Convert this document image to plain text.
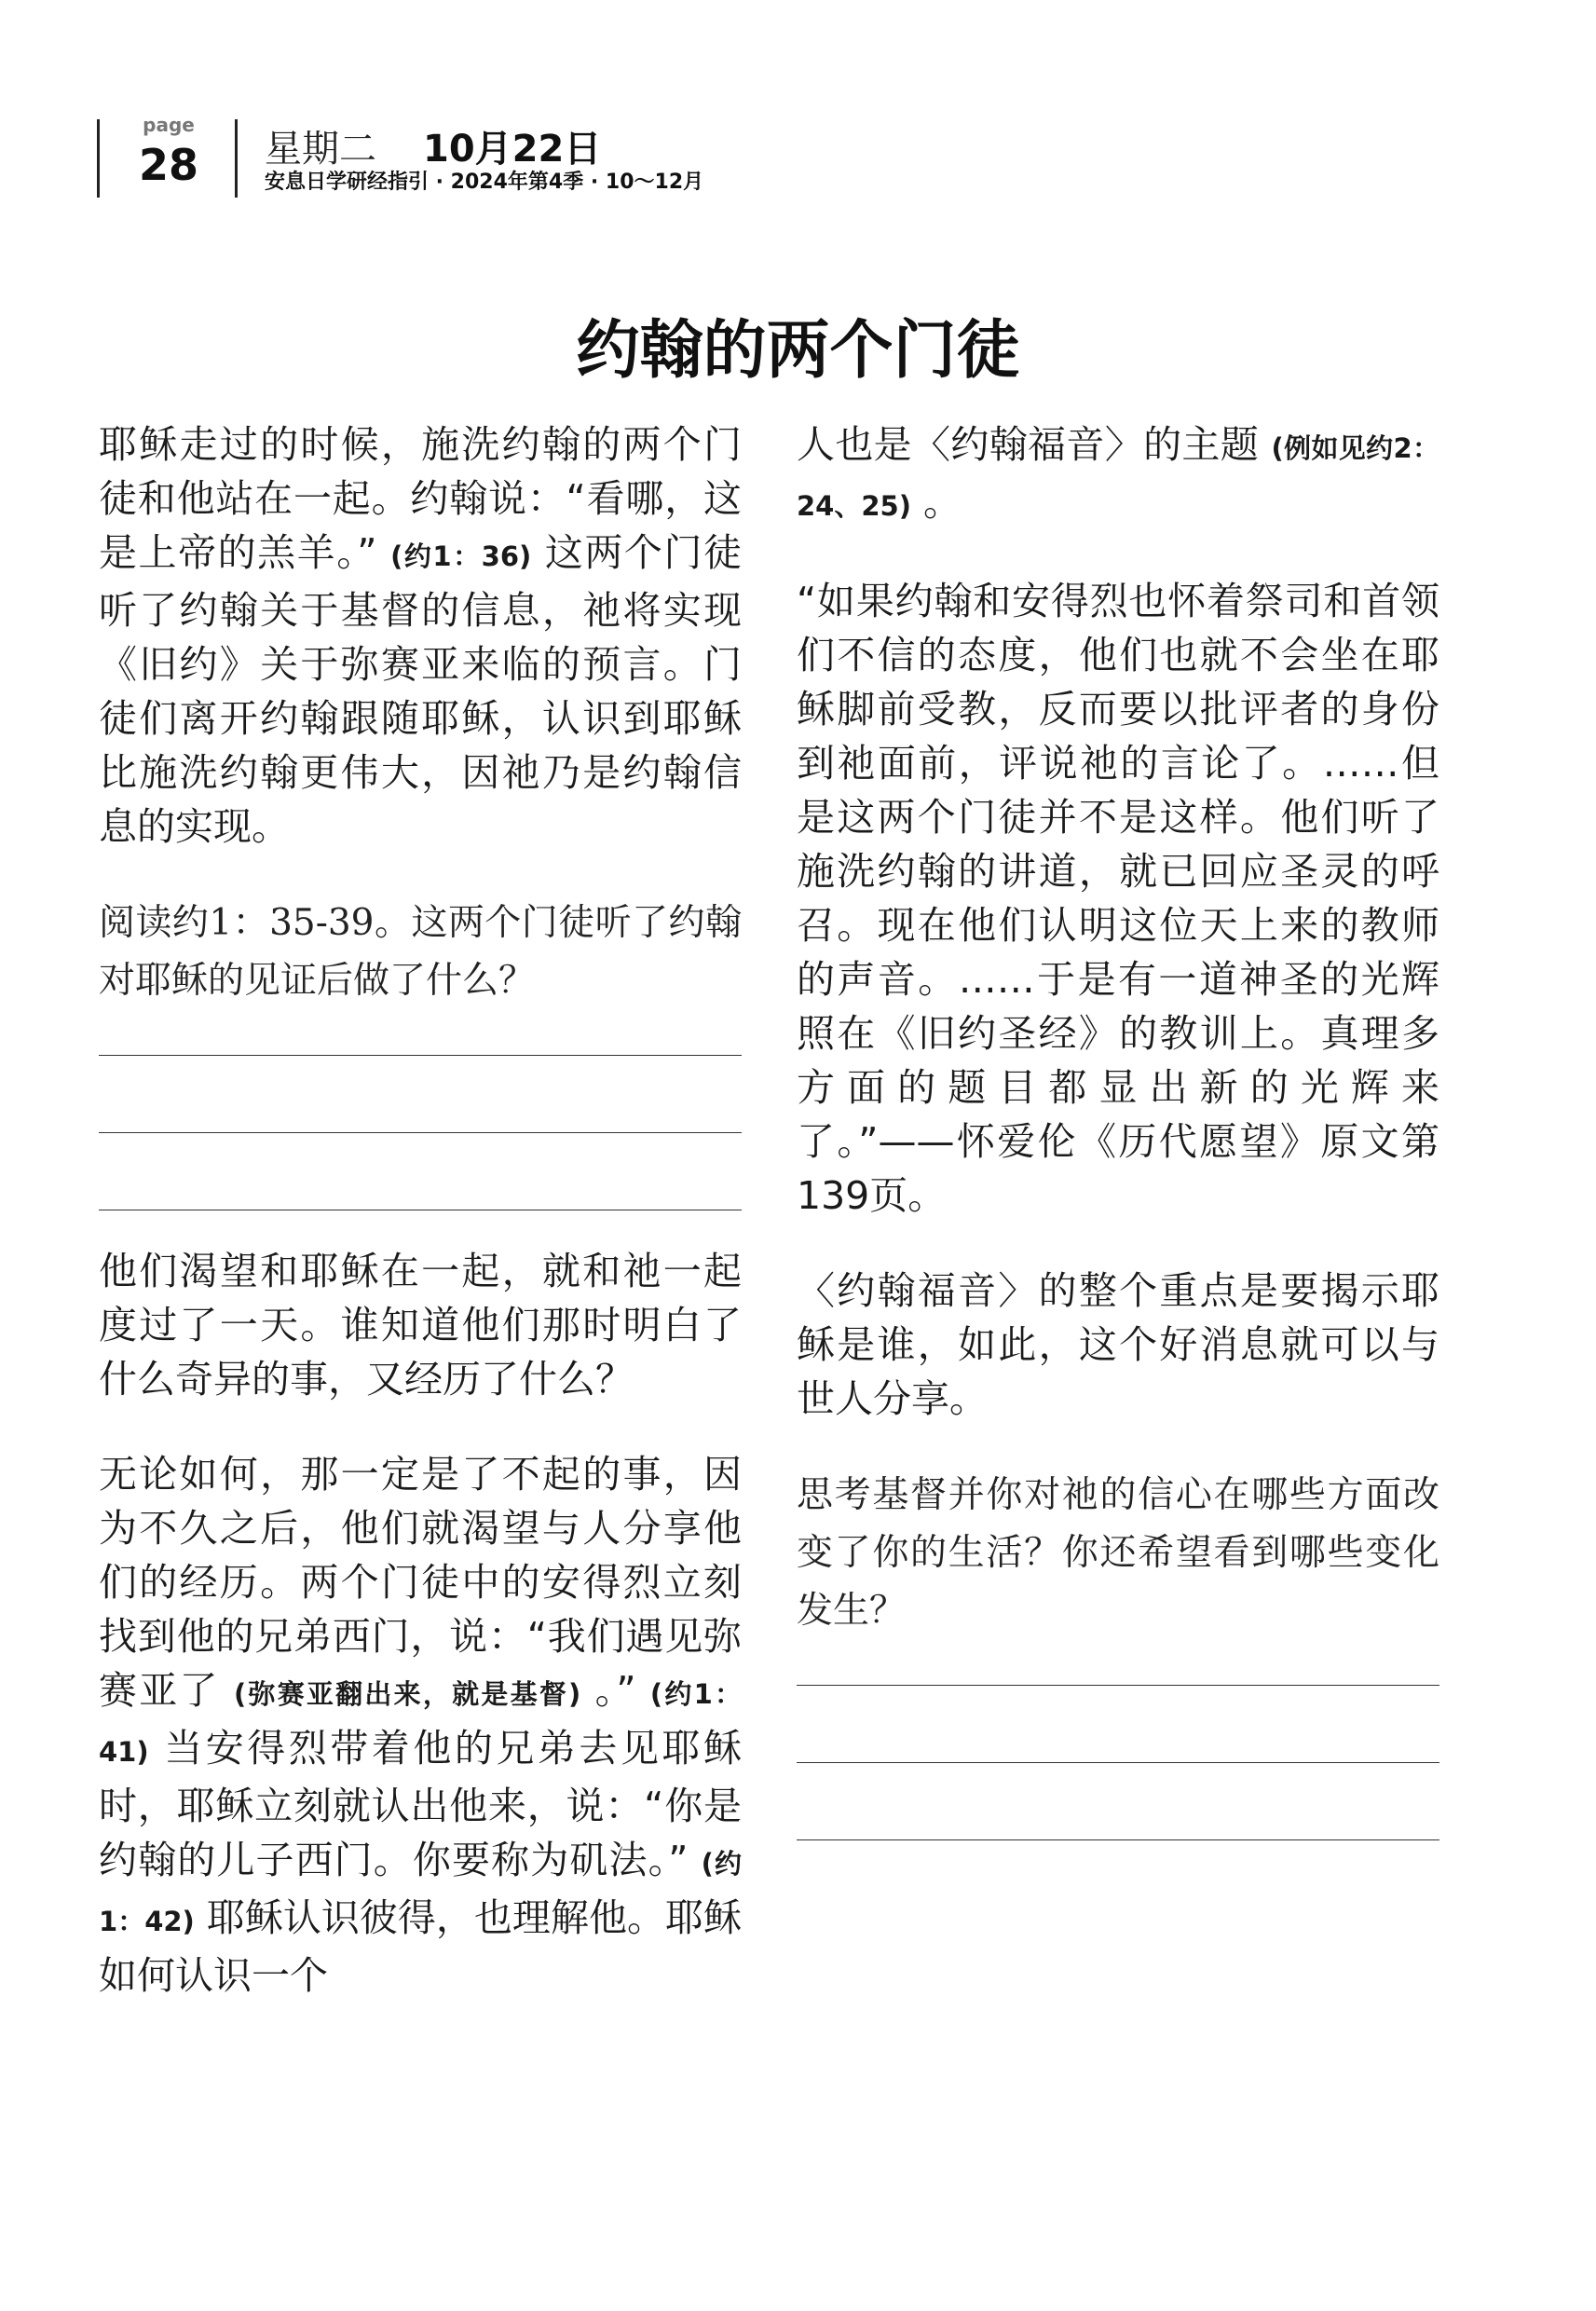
page
28 星期二 10月22日
安息日学研经指引 · 2024年第4季 · 10～12月
约翰的两个门徒

耶稣走过的时候，施洗约翰的两个门徒和他站在一起。约翰说：“看哪，这是上帝的羔羊。” (约1：36) 这两个门徒听了约翰关于基督的信息，祂将实现《旧约》关于弥赛亚来临的预言。门徒们离开约翰跟随耶稣，认识到耶稣比施洗约翰更伟大，因祂乃是约翰信息的实现。

阅读约1：35-39。这两个门徒听了约翰对耶稣的见证后做了什么？

他们渴望和耶稣在一起，就和祂一起度过了一天。谁知道他们那时明白了什么奇异的事，又经历了什么？

无论如何，那一定是了不起的事，因为不久之后，他们就渴望与人分享他们的经历。两个门徒中的安得烈立刻找到他的兄弟西门，说：“我们遇见弥赛亚了 (弥赛亚翻出来，就是基督) 。” (约1：41) 当安得烈带着他的兄弟去见耶稣时，耶稣立刻就认出他来，说：“你是约翰的儿子西门。你要称为矶法。” (约1：42) 耶稣认识彼得，也理解他。耶稣如何认识一个

人也是〈约翰福音〉的主题 (例如见约2：24、25) 。

“如果约翰和安得烈也怀着祭司和首领们不信的态度，他们也就不会坐在耶稣脚前受教，反而要以批评者的身份到祂面前，评说祂的言论了。……但是这两个门徒并不是这样。他们听了施洗约翰的讲道，就已回应圣灵的呼召。现在他们认明这位天上来的教师的声音。……于是有一道神圣的光辉照在《旧约圣经》的教训上。真理多方面的题目都显出新的光辉来了。”——怀爱伦《历代愿望》原文第139页。

〈约翰福音〉的整个重点是要揭示耶稣是谁，如此，这个好消息就可以与世人分享。

思考基督并你对祂的信心在哪些方面改变了你的生活？你还希望看到哪些变化发生？
